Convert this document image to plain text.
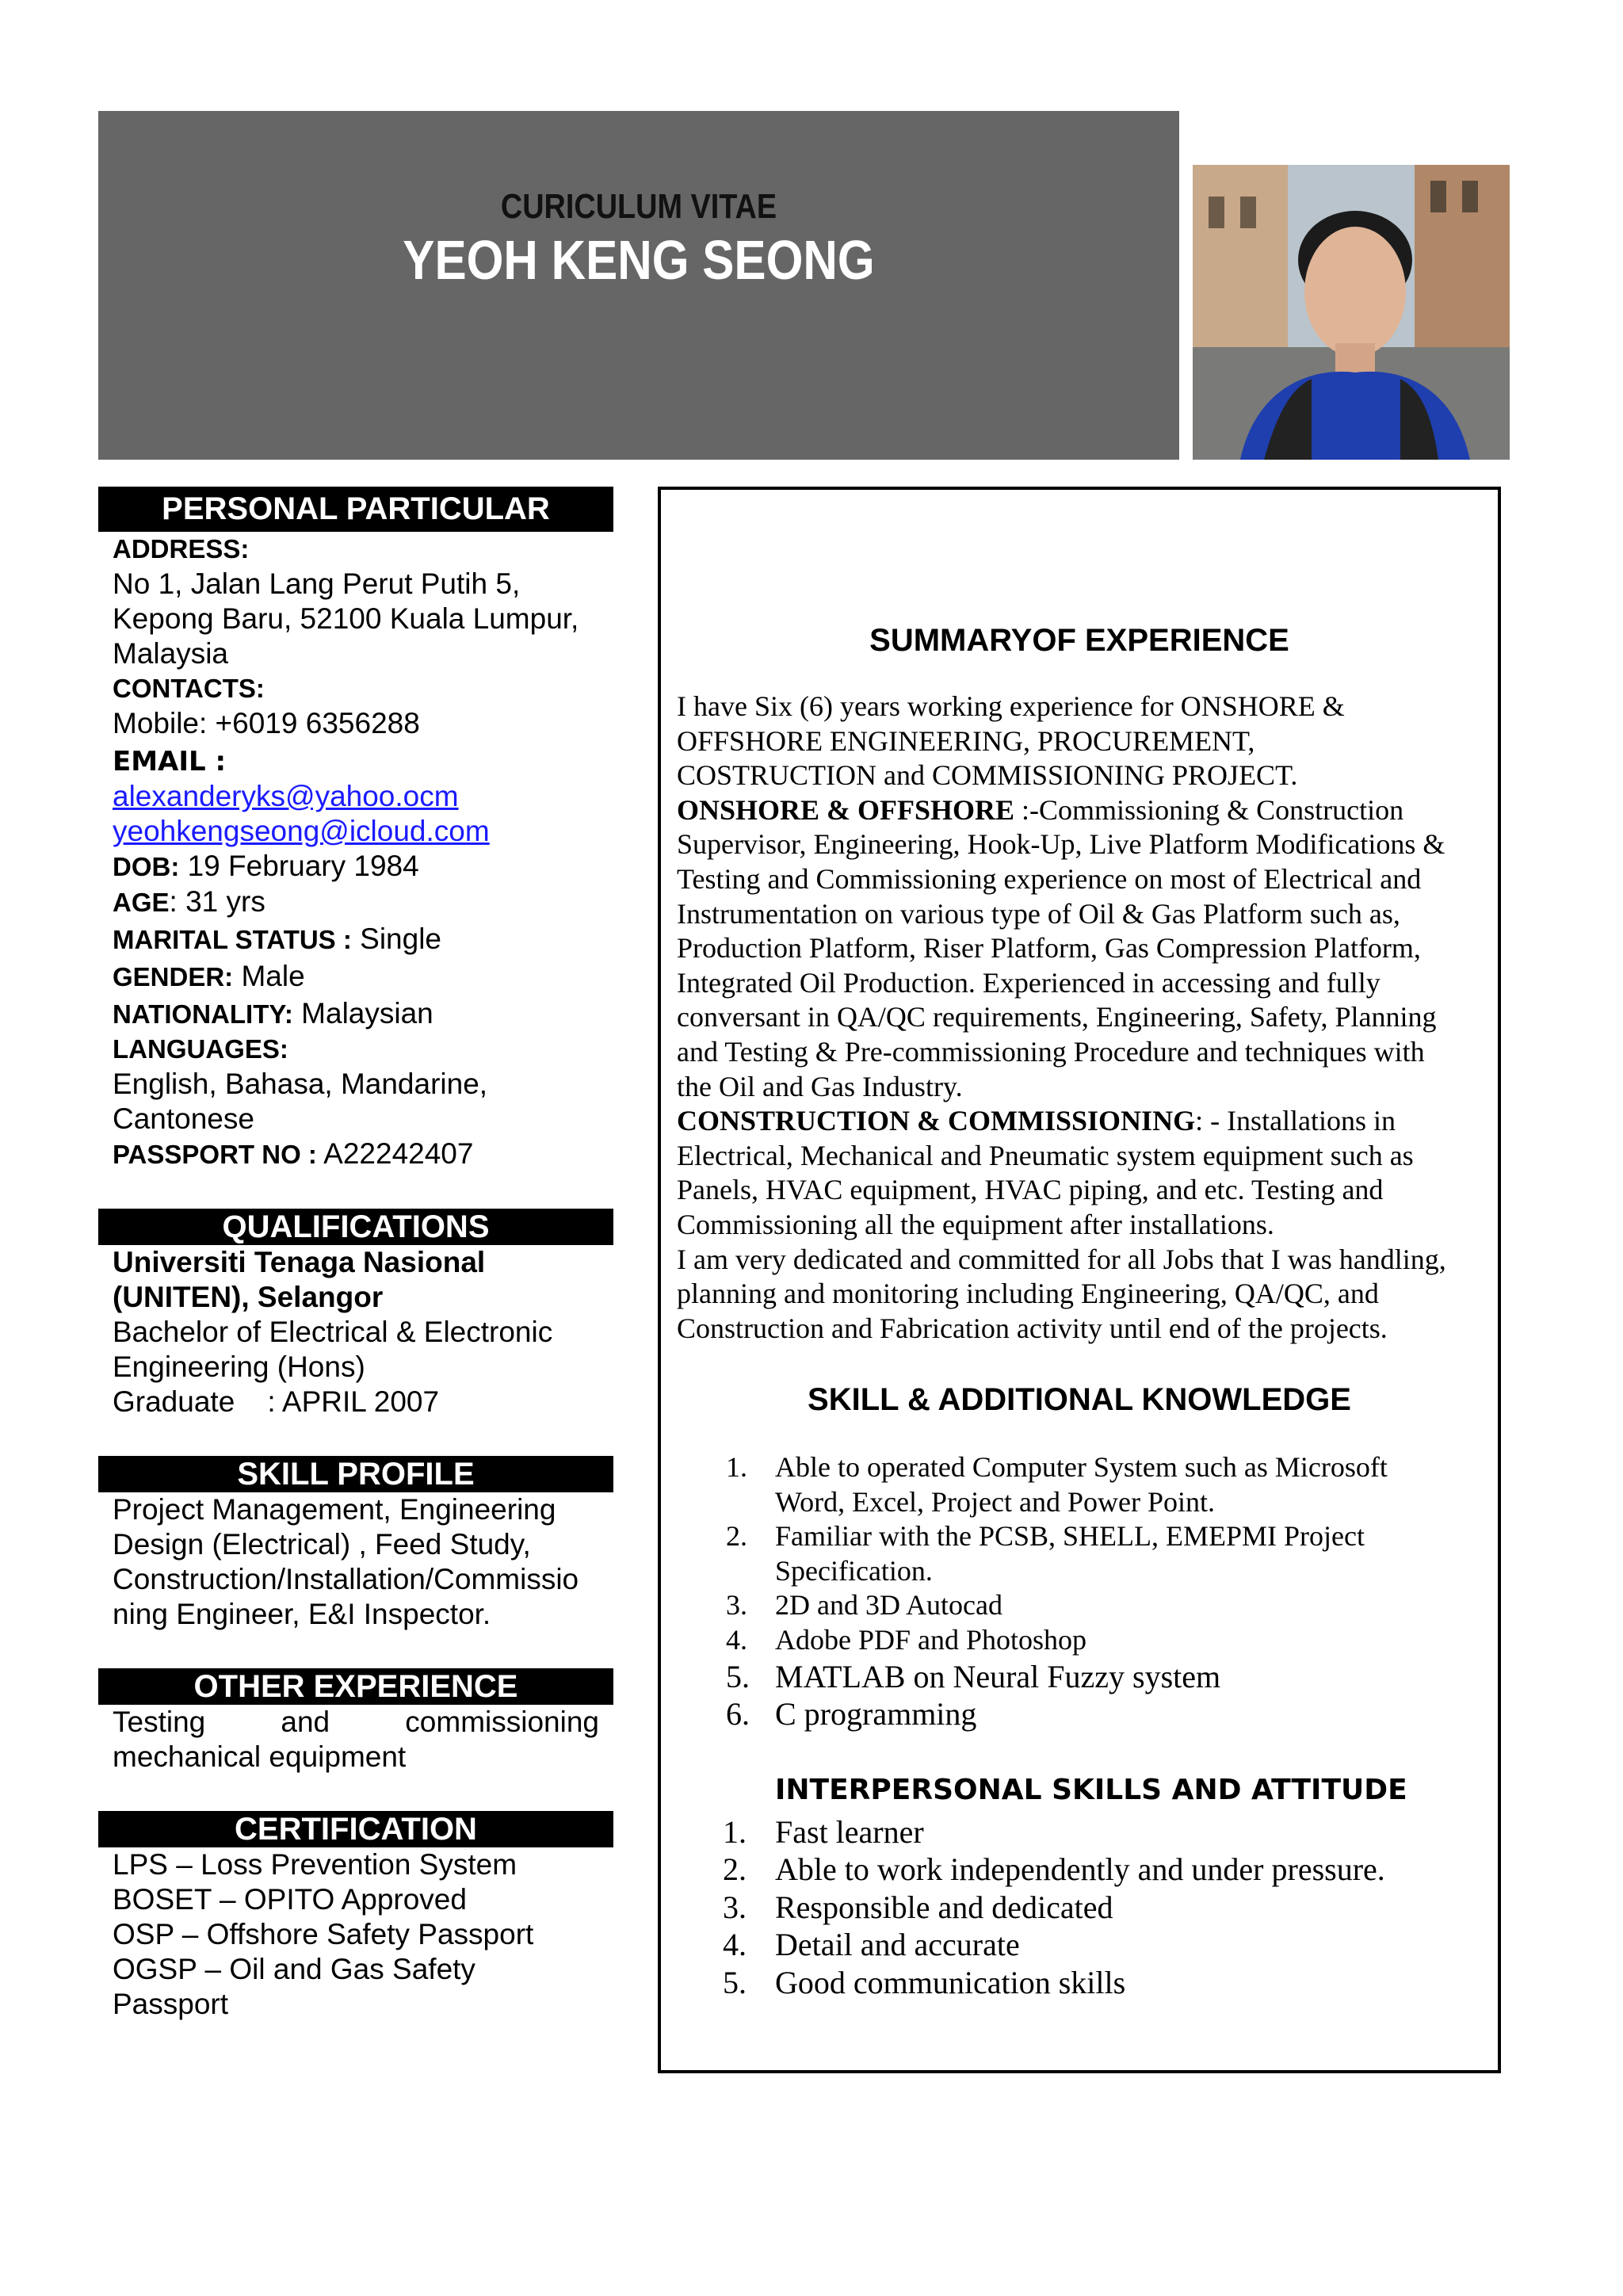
CURICULUM VITAE
YEOH KENG SEONG
PERSONAL PARTICULAR
ADDRESS:
No 1, Jalan Lang Perut Putih 5,
Kepong Baru, 52100 Kuala Lumpur,
Malaysia
CONTACTS:
Mobile: +6019 6356288
EMAIL :
alexanderyks@yahoo.ocm
yeohkengseong@icloud.com
DOB: 19 February 1984
AGE: 31 yrs
MARITAL STATUS : Single
GENDER: Male
NATIONALITY: Malaysian
LANGUAGES:
English, Bahasa, Mandarine,
Cantonese
PASSPORT NO : A22242407
QUALIFICATIONS
Universiti Tenaga Nasional
(UNITEN), Selangor
Bachelor of Electrical & Electronic
Engineering (Hons)
Graduate    : APRIL 2007
SKILL PROFILE
Project Management, Engineering
Design (Electrical) , Feed Study,
Construction/Installation/Commissio
ning Engineer, E&I Inspector.
OTHER EXPERIENCE
Testing and commissioning
mechanical equipment
CERTIFICATION
LPS – Loss Prevention System
BOSET – OPITO Approved
OSP – Offshore Safety Passport
OGSP – Oil and Gas Safety
Passport
SUMMARYOF EXPERIENCE
I have Six (6) years working experience for ONSHORE &
OFFSHORE ENGINEERING, PROCUREMENT,
COSTRUCTION and COMMISSIONING PROJECT.
ONSHORE & OFFSHORE :-Commissioning & Construction
Supervisor, Engineering, Hook-Up, Live Platform Modifications &
Testing and Commissioning experience on most of Electrical and
Instrumentation on various type of Oil & Gas Platform such as,
Production Platform, Riser Platform, Gas Compression Platform,
Integrated Oil Production. Experienced in accessing and fully
conversant in QA/QC requirements, Engineering, Safety, Planning
and Testing & Pre-commissioning Procedure and techniques with
the Oil and Gas Industry.
CONSTRUCTION & COMMISSIONING: - Installations in
Electrical, Mechanical and Pneumatic system equipment such as
Panels, HVAC equipment, HVAC piping, and etc. Testing and
Commissioning all the equipment after installations.
I am very dedicated and committed for all Jobs that I was handling,
planning and monitoring including Engineering, QA/QC, and
Construction and Fabrication activity until end of the projects.
SKILL & ADDITIONAL KNOWLEDGE
1. Able to operated Computer System such as Microsoft
Word, Excel, Project and Power Point.
2. Familiar with the PCSB, SHELL, EMEPMI Project
Specification.
3. 2D and 3D Autocad
4. Adobe PDF and Photoshop
5. MATLAB on Neural Fuzzy system
6. C programming
INTERPERSONAL SKILLS AND ATTITUDE
1. Fast learner
2. Able to work independently and under pressure.
3. Responsible and dedicated
4. Detail and accurate
5. Good communication skills
